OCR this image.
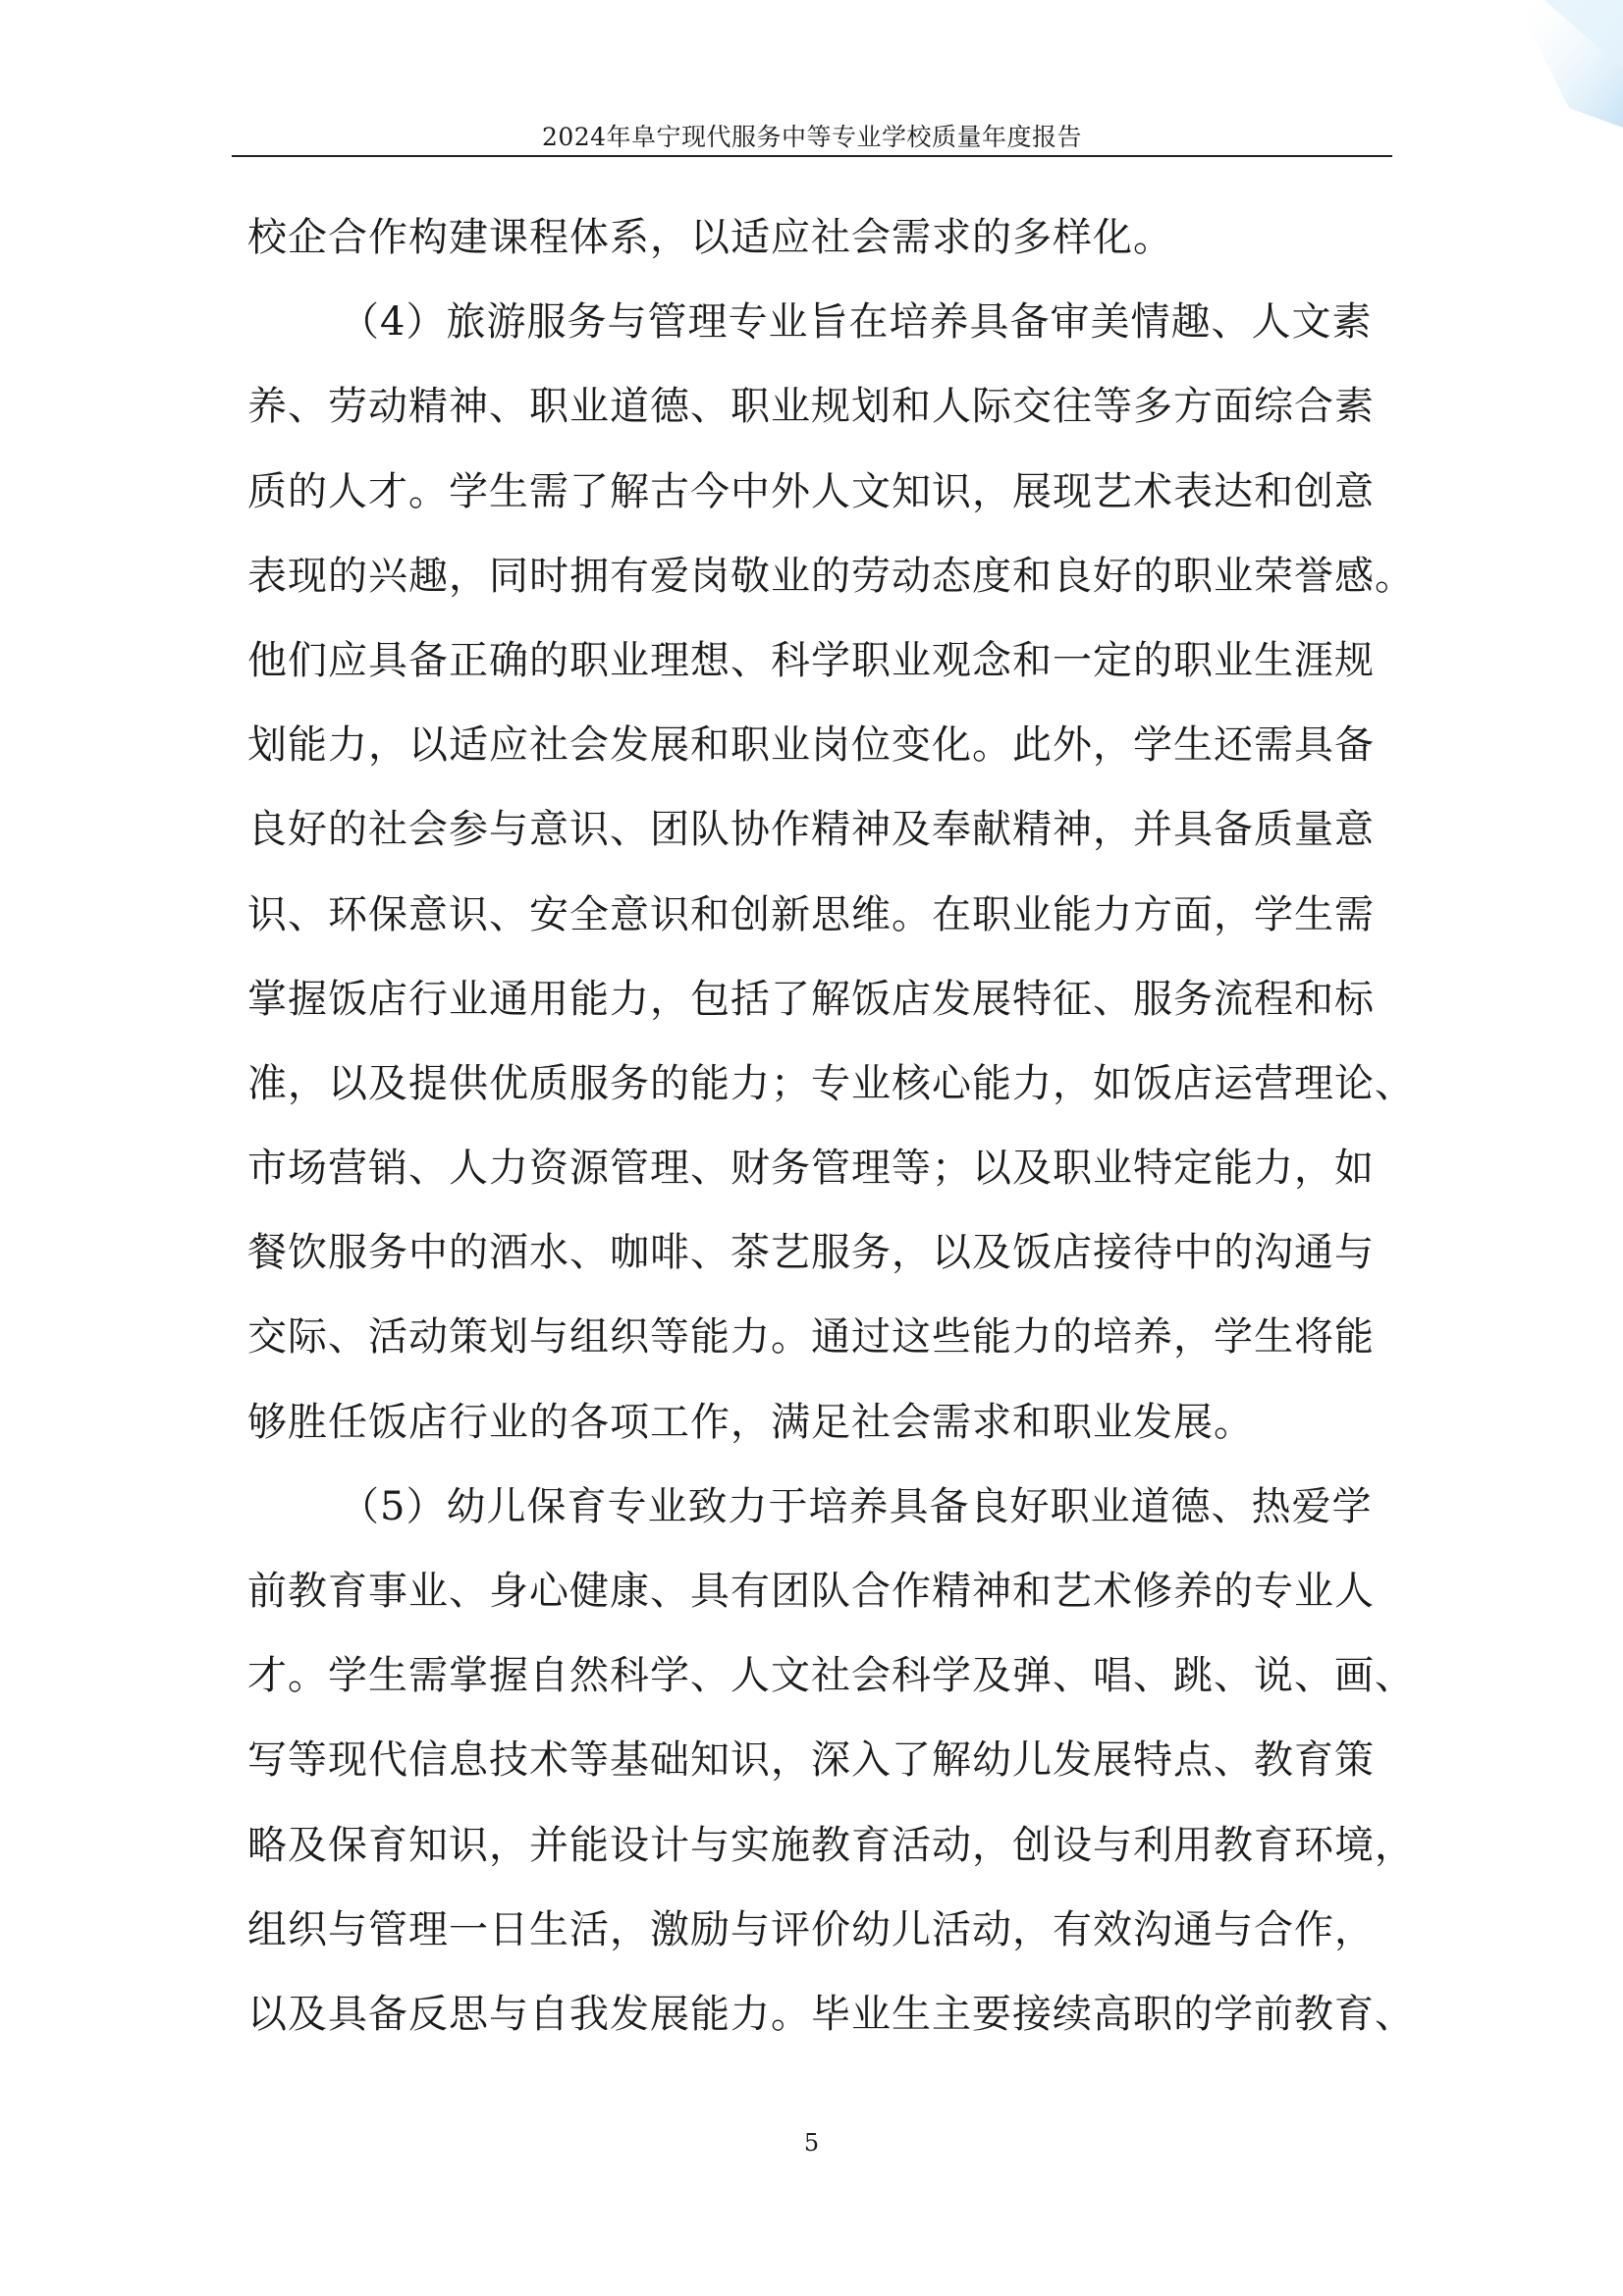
2024年阜宁现代服务中等专业学校质量年度报告
校企合作构建课程体系，以适应社会需求的多样化。
（4）旅游服务与管理专业旨在培养具备审美情趣、人文素
养、劳动精神、职业道德、职业规划和人际交往等多方面综合素
质的人才。学生需了解古今中外人文知识，展现艺术表达和创意
表现的兴趣，同时拥有爱岗敬业的劳动态度和良好的职业荣誉感。
他们应具备正确的职业理想、科学职业观念和一定的职业生涯规
划能力，以适应社会发展和职业岗位变化。此外，学生还需具备
良好的社会参与意识、团队协作精神及奉献精神，并具备质量意
识、环保意识、安全意识和创新思维。在职业能力方面，学生需
掌握饭店行业通用能力，包括了解饭店发展特征、服务流程和标
准，以及提供优质服务的能力；专业核心能力，如饭店运营理论、
市场营销、人力资源管理、财务管理等；以及职业特定能力，如
餐饮服务中的酒水、咖啡、茶艺服务，以及饭店接待中的沟通与
交际、活动策划与组织等能力。通过这些能力的培养，学生将能
够胜任饭店行业的各项工作，满足社会需求和职业发展。
（5）幼儿保育专业致力于培养具备良好职业道德、热爱学
前教育事业、身心健康、具有团队合作精神和艺术修养的专业人
才。学生需掌握自然科学、人文社会科学及弹、唱、跳、说、画、
写等现代信息技术等基础知识，深入了解幼儿发展特点、教育策
略及保育知识，并能设计与实施教育活动，创设与利用教育环境，
组织与管理一日生活，激励与评价幼儿活动，有效沟通与合作，
以及具备反思与自我发展能力。毕业生主要接续高职的学前教育、
5
